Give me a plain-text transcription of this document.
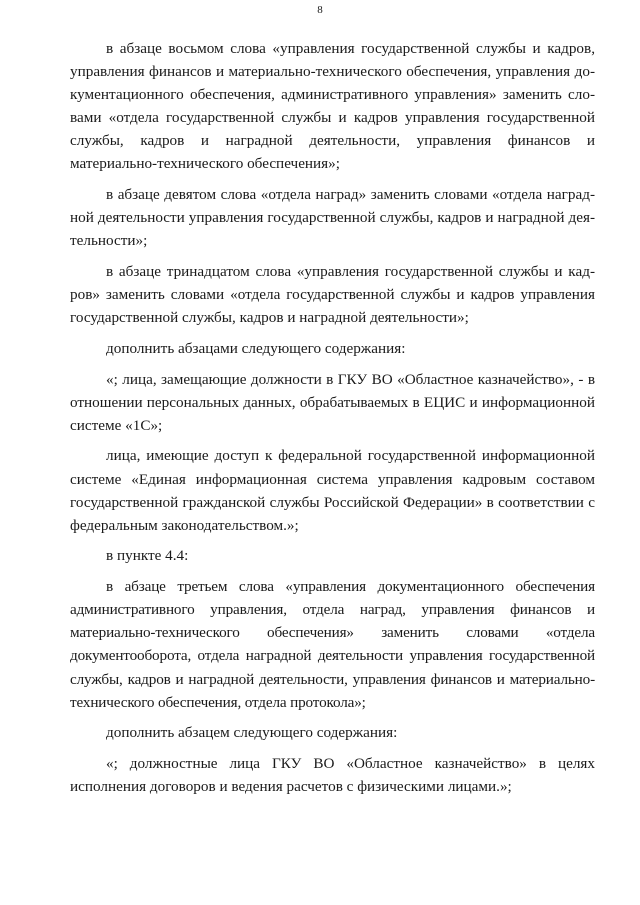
8

в абзаце восьмом слова «управления государственной службы и кадров, управления финансов и материально-технического обеспечения, управления документационного обеспечения, административного управления» заменить словами «отдела государственной службы и кадров управления государственной службы, кадров и наградной деятельности, управления финансов и материально-технического обеспечения»;

в абзаце девятом слова «отдела наград» заменить словами «отдела наградной деятельности управления государственной службы, кадров и наградной деятельности»;

в абзаце тринадцатом слова «управления государственной службы и кадров» заменить словами «отдела государственной службы и кадров управления государственной службы, кадров и наградной деятельности»;

дополнить абзацами следующего содержания:

«; лица, замещающие должности в ГКУ ВО «Областное казначейство», - в отношении персональных данных, обрабатываемых в ЕЦИС и информационной системе «1С»;

лица, имеющие доступ к федеральной государственной информационной системе «Единая информационная система управления кадровым составом государственной гражданской службы Российской Федерации» в соответствии с федеральным законодательством.»;

в пункте 4.4:

в абзаце третьем слова «управления документационного обеспечения административного управления, отдела наград, управления финансов и материально-технического обеспечения» заменить словами «отдела документооборота, отдела наградной деятельности управления государственной службы, кадров и наградной деятельности, управления финансов и материально-технического обеспечения, отдела протокола»;

дополнить абзацем следующего содержания:

«; должностные лица ГКУ ВО «Областное казначейство» в целях исполнения договоров и ведения расчетов с физическими лицами.»;
